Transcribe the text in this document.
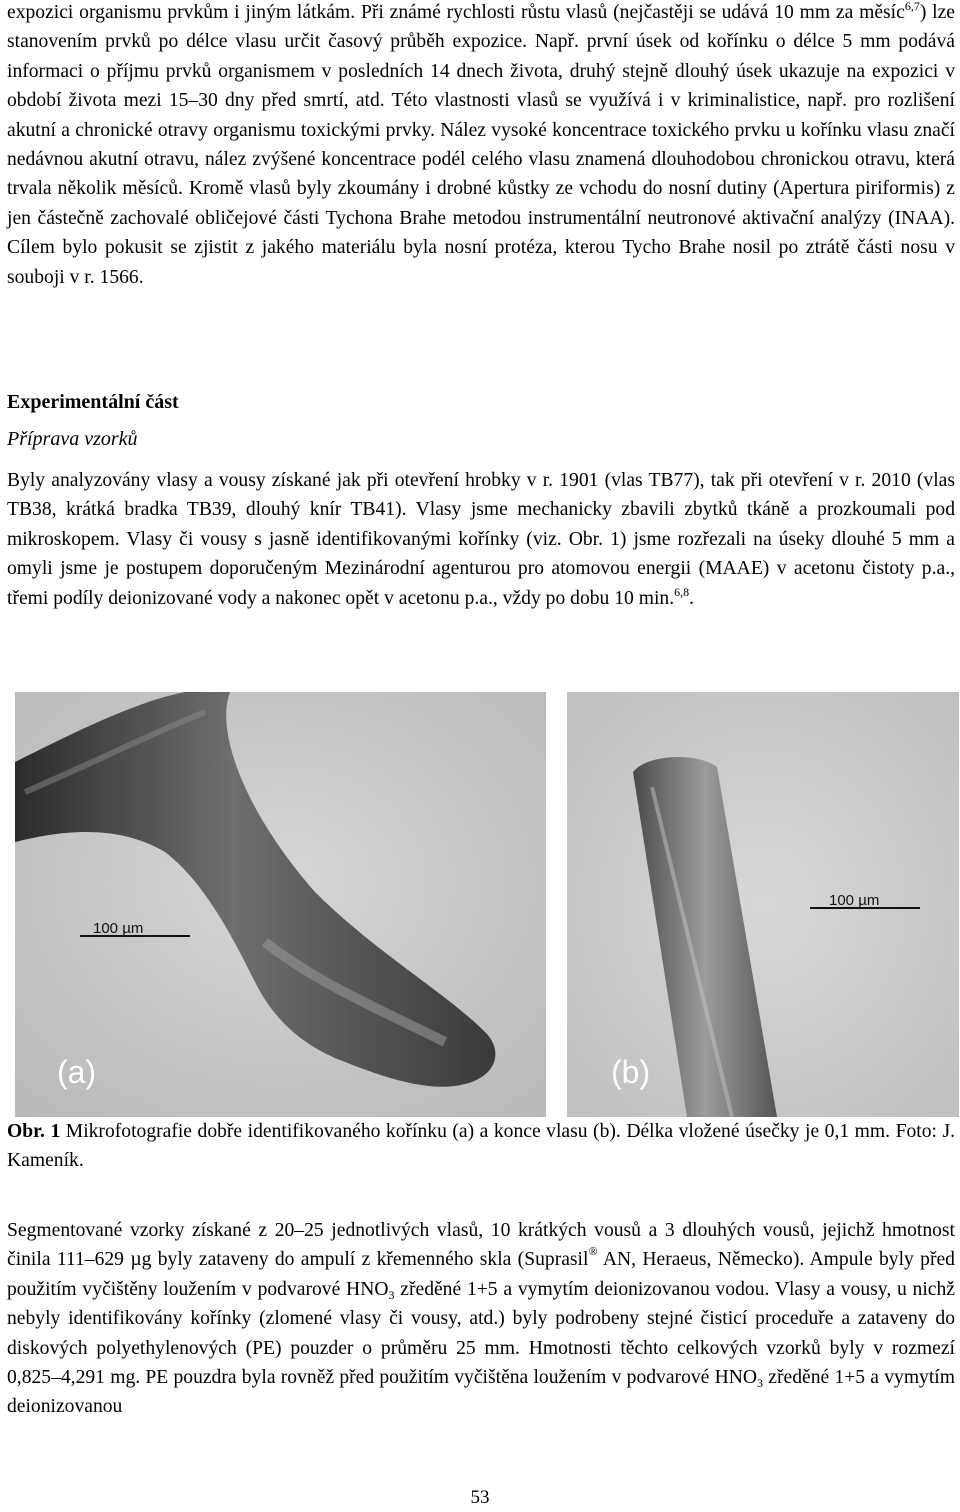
expozici organismu prvkům i jiným látkám. Při známé rychlosti růstu vlasů (nejčastěji se udává 10 mm za měsíc$^{6,7}$) lze stanovením prvků po délce vlasu určit časový průběh expozice. Např. první úsek od kořínku o délce 5 mm podává informaci o příjmu prvků organismem v posledních 14 dnech života, druhý stejně dlouhý úsek ukazuje na expozici v období života mezi 15–30 dny před smrtí, atd. Této vlastnosti vlasů se využívá i v kriminalistice, např. pro rozlišení akutní a chronické otravy organismu toxickými prvky. Nález vysoké koncentrace toxického prvku u kořínku vlasu značí nedávnou akutní otravu, nález zvýšené koncentrace podél celého vlasu znamená dlouhodobou chronickou otravu, která trvala několik měsíců. Kromě vlasů byly zkoumány i drobné kůstky ze vchodu do nosní dutiny (Apertura piriformis) z jen částečně zachovalé obličejové části Tychona Brahe metodou instrumentální neutronové aktivační analýzy (INAA). Cílem bylo pokusit se zjistit z jakého materiálu byla nosní protéza, kterou Tycho Brahe nosil po ztrátě části nosu v souboji v r. 1566.

Experimentální část
Příprava vzorků

Byly analyzovány vlasy a vousy získané jak při otevření hrobky v r. 1901 (vlas TB77), tak při otevření v r. 2010 (vlas TB38, krátká bradka TB39, dlouhý knír TB41). Vlasy jsme mechanicky zbavili zbytků tkáně a prozkoumali pod mikroskopem. Vlasy či vousy s jasně identifikovanými kořínky (viz. Obr. 1) jsme rozřezali na úseky dlouhé 5 mm a omyli jsme je postupem doporučeným Mezinárodní agenturou pro atomovou energii (MAAE) v acetonu čistoty p.a., třemi podíly deionizované vody a nakonec opět v acetonu p.a., vždy po dobu 10 min.$^{6,8}$.

100 µm
(a)
100 µm
(b)

Obr. 1 Mikrofotografie dobře identifikovaného kořínku (a) a konce vlasu (b). Délka vložené úsečky je 0,1 mm. Foto: J. Kameník.

Segmentované vzorky získané z 20–25 jednotlivých vlasů, 10 krátkých vousů a 3 dlouhých vousů, jejichž hmotnost činila 111–629 µg byly zataveny do ampulí z křemenného skla (Suprasil® AN, Heraeus, Německo). Ampule byly před použitím vyčištěny loužením v podvarové $HNO_3$ zředěné 1+5 a vymytím deionizovanou vodou. Vlasy a vousy, u nichž nebyly identifikovány kořínky (zlomené vlasy či vousy, atd.) byly podrobeny stejné čisticí proceduře a zataveny do diskových polyethylenových (PE) pouzder o průměru 25 mm. Hmotnosti těchto celkových vzorků byly v rozmezí 0,825–4,291 mg. PE pouzdra byla rovněž před použitím vyčištěna loužením v podvarové $HNO_3$ zředěné 1+5 a vymytím deionizovanou

53
